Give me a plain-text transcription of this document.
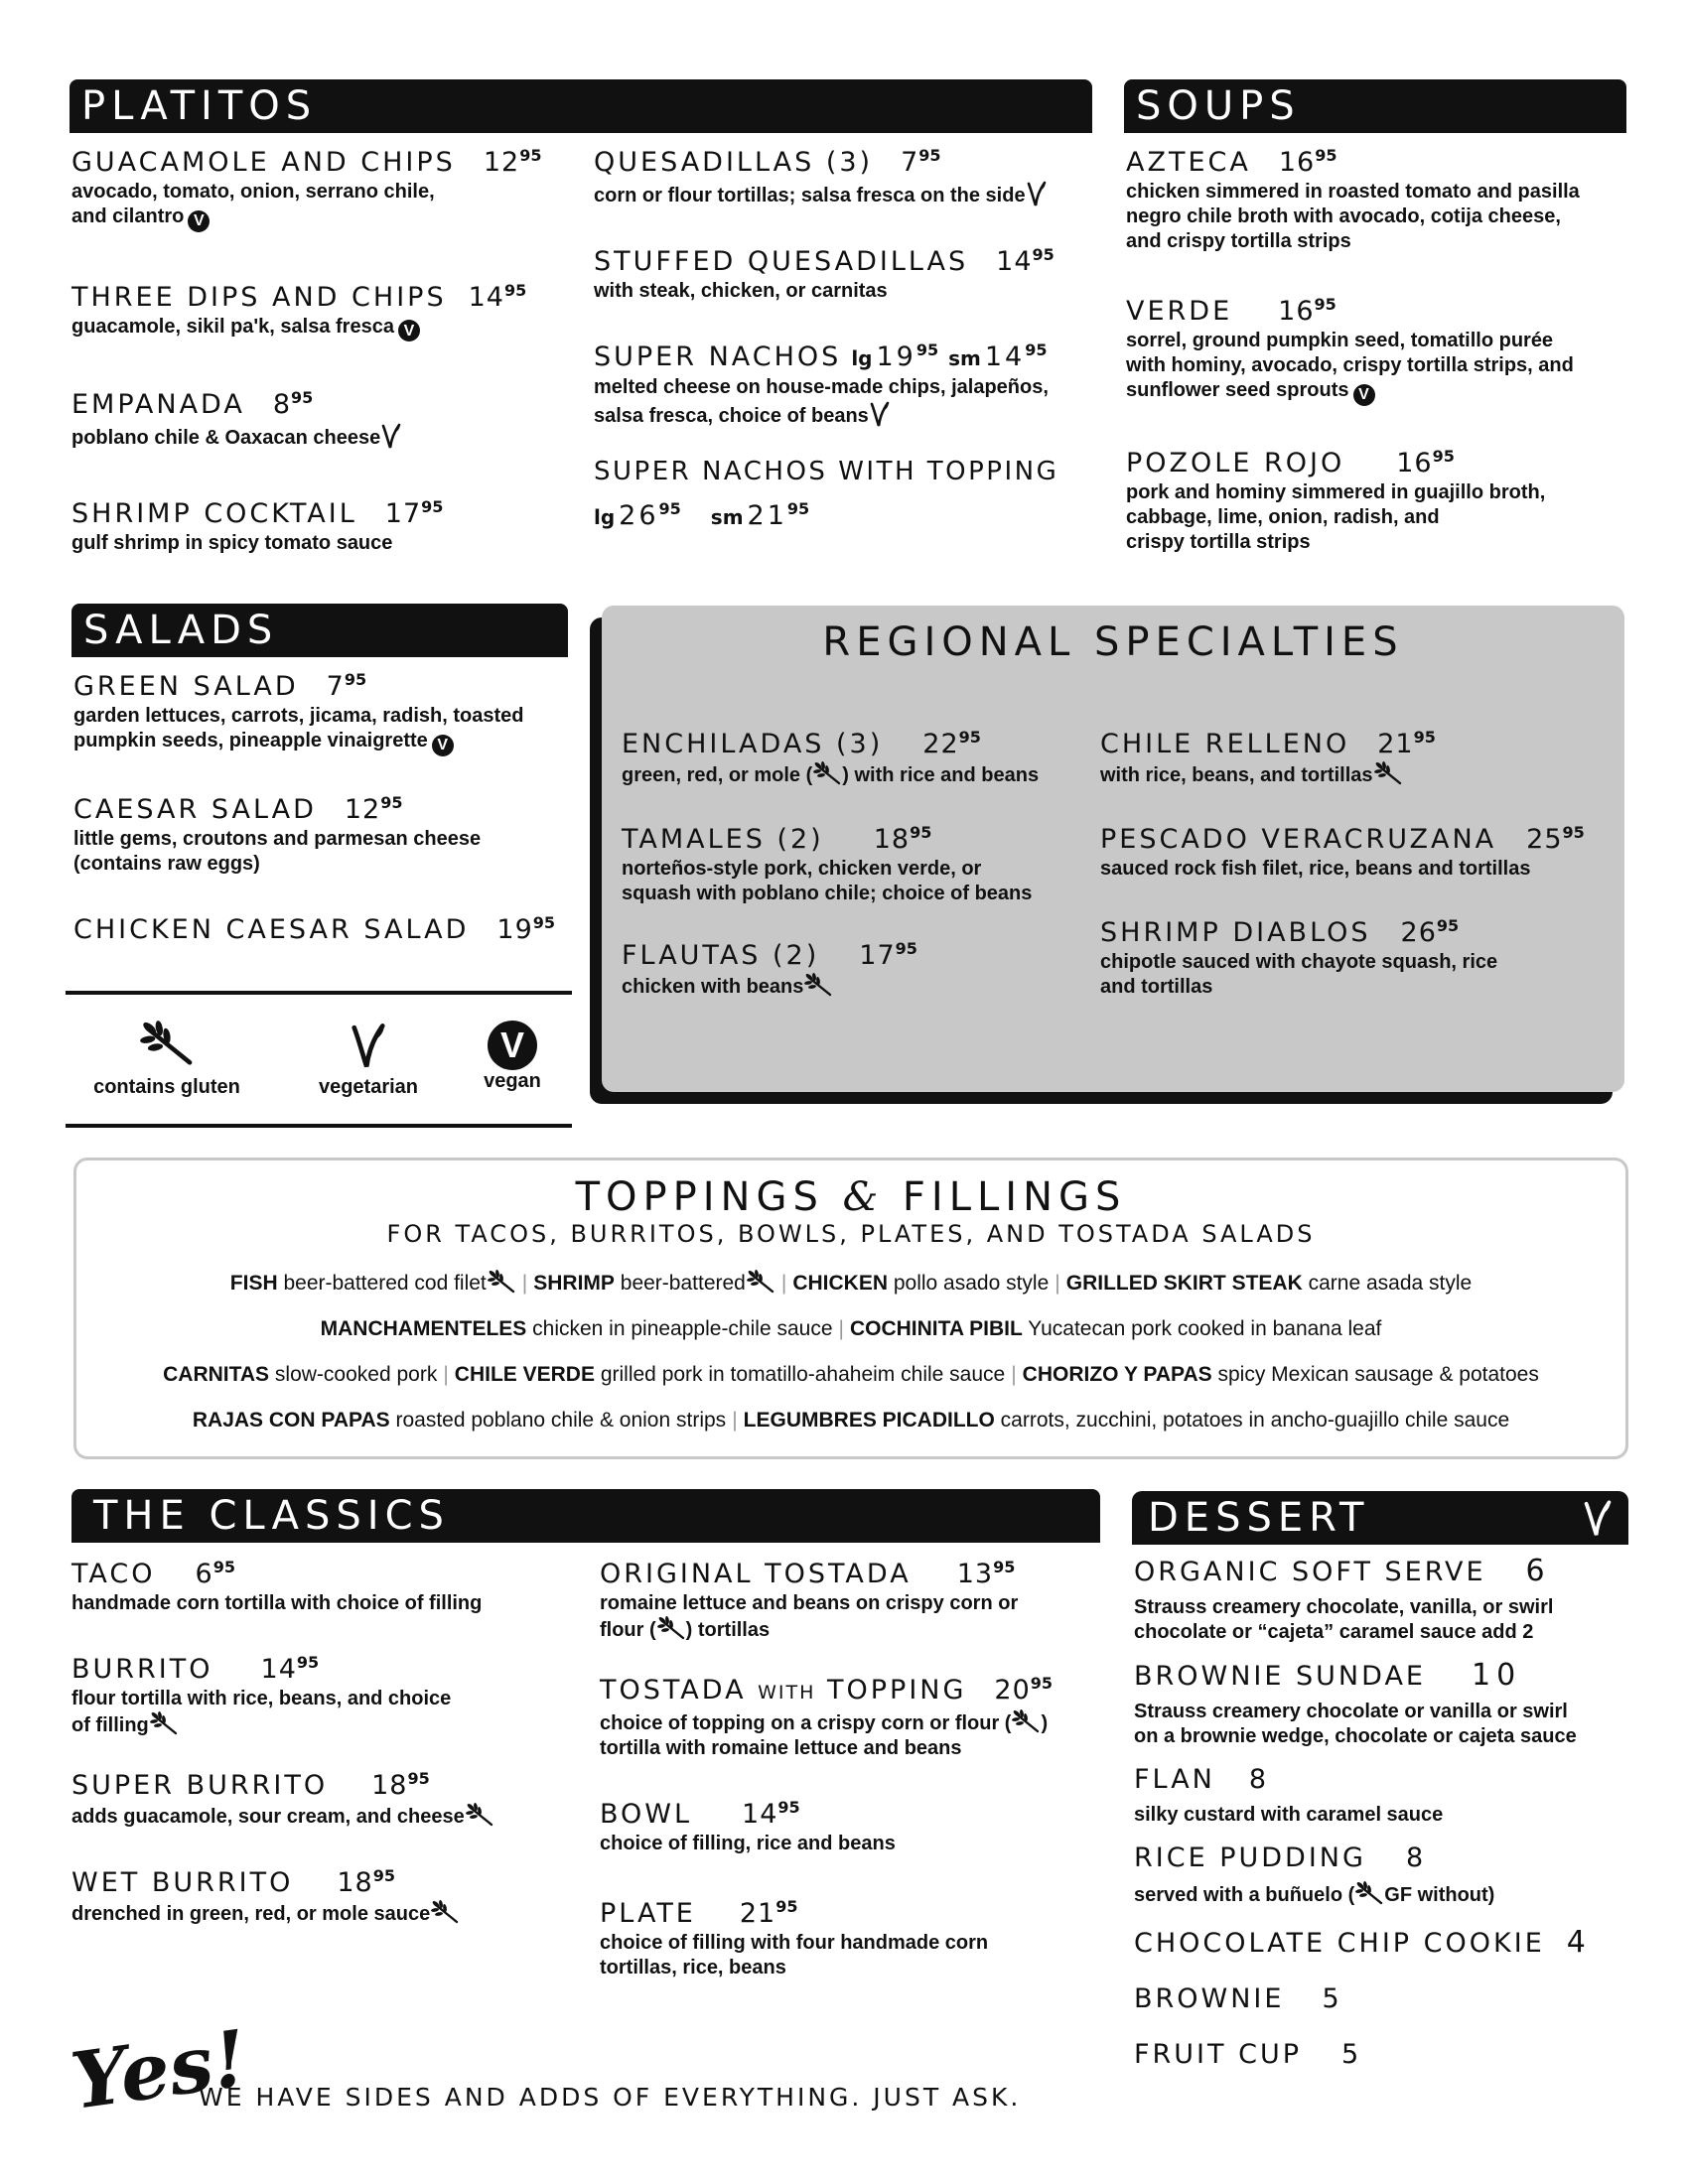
PLATITOS
GUACAMOLE AND CHIPS $12^{95}$
avocado, tomato, onion, serrano chile,
and cilantro V
THREE DIPS AND CHIPS $14^{95}$
guacamole, sikil pa'k, salsa fresca V
EMPANADA $8^{95}$
poblano chile & Oaxacan cheese
SHRIMP COCKTAIL $17^{95}$
gulf shrimp in spicy tomato sauce
QUESADILLAS (3) $7^{95}$
corn or flour tortillas; salsa fresca on the side
STUFFED QUESADILLAS $14^{95}$
with steak, chicken, or carnitas
SUPER NACHOS $\lg 19^{95}$ sm $14^{95}$
melted cheese on house-made chips, jalapeños,
salsa fresca, choice of beans
SUPER NACHOS WITH TOPPING
$\lg 26^{95}$ sm $21^{95}$
SOUPS
AZTECA $16^{95}$
chicken simmered in roasted tomato and pasilla
negro chile broth with avocado, cotija cheese,
and crispy tortilla strips
VERDE $16^{95}$
sorrel, ground pumpkin seed, tomatillo purée
with hominy, avocado, crispy tortilla strips, and
sunflower seed sprouts V
POZOLE ROJO $16^{95}$
pork and hominy simmered in guajillo broth,
cabbage, lime, onion, radish, and
crispy tortilla strips
SALADS
GREEN SALAD $7^{95}$
garden lettuces, carrots, jicama, radish, toasted
pumpkin seeds, pineapple vinaigrette V
CAESAR SALAD $12^{95}$
little gems, croutons and parmesan cheese
(contains raw eggs)
CHICKEN CAESAR SALAD $19^{95}$
contains gluten	vegetarian
V
vegan
REGIONAL SPECIALTIES
ENCHILADAS (3) $22^{95}$
green, red, or mole ( ) with rice and beans
TAMALES (2) $18^{95}$
norteños-style pork, chicken verde, or
squash with poblano chile; choice of beans
FLAUTAS (2) $17^{95}$
chicken with beans
CHILE RELLENO $21^{95}$
with rice, beans, and tortillas
PESCADO VERACRUZANA $25^{95}$
sauced rock fish filet, rice, beans and tortillas
SHRIMP DIABLOS $26^{95}$
chipotle sauced with chayote squash, rice
and tortillas
TOPPINGS & FILLINGS
FOR TACOS, BURRITOS, BOWLS, PLATES, AND TOSTADA SALADS
FISH beer-battered cod filet | SHRIMP beer-battered | CHICKEN pollo asado style | GRILLED SKIRT STEAK carne asada style
MANCHAMENTELES chicken in pineapple-chile sauce | COCHINITA PIBIL Yucatecan pork cooked in banana leaf
CARNITAS slow-cooked pork | CHILE VERDE grilled pork in tomatillo-ahaheim chile sauce | CHORIZO Y PAPAS spicy Mexican sausage & potatoes
RAJAS CON PAPAS roasted poblano chile & onion strips | LEGUMBRES PICADILLO carrots, zucchini, potatoes in ancho-guajillo chile sauce
THE CLASSICS
TACO $6^{95}$
handmade corn tortilla with choice of filling
BURRITO $14^{95}$
flour tortilla with rice, beans, and choice
of filling
SUPER BURRITO $18^{95}$
adds guacamole, sour cream, and cheese
WET BURRITO $18^{95}$
drenched in green, red, or mole sauce
ORIGINAL TOSTADA $13^{95}$
romaine lettuce and beans on crispy corn or
flour ( ) tortillas
TOSTADA WITH TOPPING $20^{95}$
choice of topping on a crispy corn or flour ( )
tortilla with romaine lettuce and beans
BOWL $14^{95}$
choice of filling, rice and beans
PLATE $21^{95}$
choice of filling with four handmade corn
tortillas, rice, beans
DESSERT
ORGANIC SOFT SERVE 6
Strauss creamery chocolate, vanilla, or swirl
chocolate or “cajeta” caramel sauce add 2
BROWNIE SUNDAE 10
Strauss creamery chocolate or vanilla or swirl
on a brownie wedge, chocolate or cajeta sauce
FLAN 8
silky custard with caramel sauce
RICE PUDDING 8
served with a buñuelo ( GF without)
CHOCOLATE CHIP COOKIE 4
BROWNIE 5
FRUIT CUP 5
Yes!
WE HAVE SIDES AND ADDS OF EVERYTHING. JUST ASK.
